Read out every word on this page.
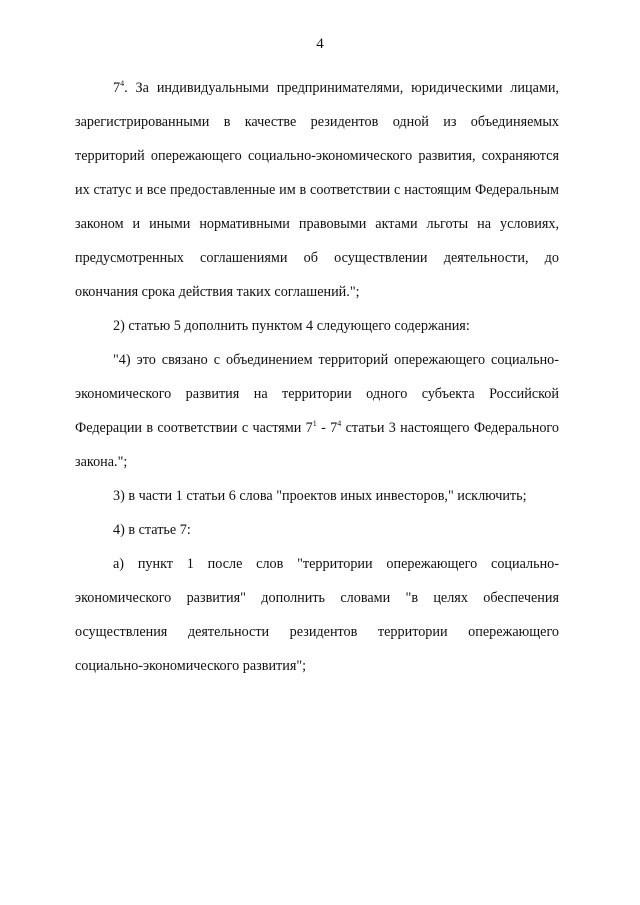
4

$7^4$. За индивидуальными предпринимателями, юридическими лицами, зарегистрированными в качестве резидентов одной из объединяемых территорий опережающего социально-экономического развития, сохраняются их статус и все предоставленные им в соответствии с настоящим Федеральным законом и иными нормативными правовыми актами льготы на условиях, предусмотренных соглашениями об осуществлении деятельности, до окончания срока действия таких соглашений.";

2) статью 5 дополнить пунктом 4 следующего содержания:

"4) это связано с объединением территорий опережающего социально-экономического развития на территории одного субъекта Российской Федерации в соответствии с частями $7^1 - 7^4$ статьи 3 настоящего Федерального закона.";

3) в части 1 статьи 6 слова "проектов иных инвесторов," исключить;

4) в статье 7:

а) пункт 1 после слов "территории опережающего социально-экономического развития" дополнить словами "в целях обеспечения осуществления деятельности резидентов территории опережающего социально-экономического развития";
